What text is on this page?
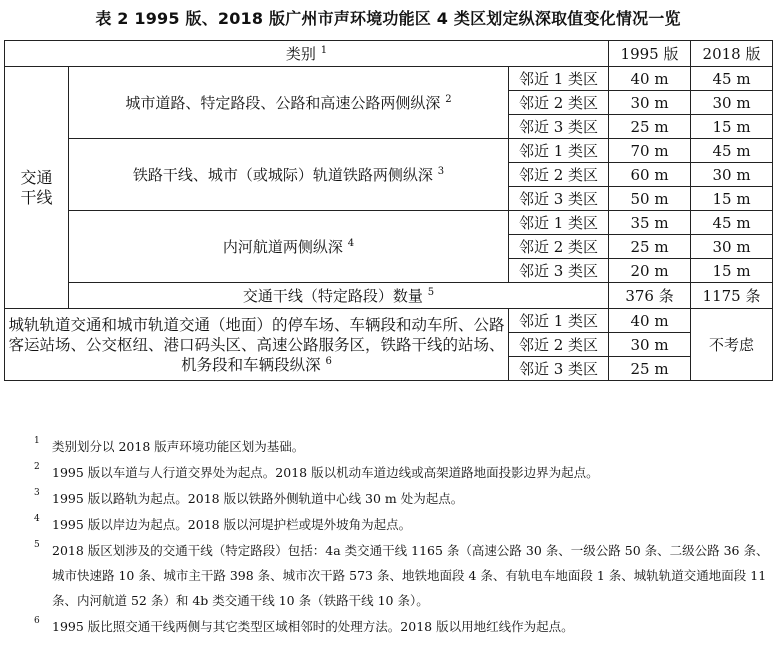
表 2 1995 版、2018 版广州市声环境功能区 4 类区划定纵深取值变化情况一览
类别 $^1$			1995 版	2018 版
交通
干线	城市道路、特定路段、公路和高速公路两侧纵深 $^2$	邻近 1 类区	40 m	45 m
		邻近 2 类区	30 m	30 m
		邻近 3 类区	25 m	15 m
	铁路干线、城市（或城际）轨道铁路两侧纵深 $^3$	邻近 1 类区	70 m	45 m
		邻近 2 类区	60 m	30 m
		邻近 3 类区	50 m	15 m
	内河航道两侧纵深 $^4$	邻近 1 类区	35 m	45 m
		邻近 2 类区	25 m	30 m
		邻近 3 类区	20 m	15 m
	交通干线（特定路段）数量 $^5$		376 条	1175 条
城轨轨道交通和城市轨道交通（地面）的停车场、车辆段和动车所、公路客运站场、公交枢纽、港口码头区、高速公路服务区，铁路干线的站场、机务段和车辆段纵深 $^6$		邻近 1 类区	40 m	不考虑
		邻近 2 类区	30 m	
		邻近 3 类区	25 m	
1 类别划分以 2018 版声环境功能区划为基础。
2 1995 版以车道与人行道交界处为起点。2018 版以机动车道边线或高架道路地面投影边界为起点。
3 1995 版以路轨为起点。2018 版以铁路外侧轨道中心线 30 m 处为起点。
4 1995 版以岸边为起点。2018 版以河堤护栏或堤外坡角为起点。
5 2018 版区划涉及的交通干线（特定路段）包括：4a 类交通干线 1165 条（高速公路 30 条、一级公路 50 条、二级公路 36 条、城市快速路 10 条、城市主干路 398 条、城市次干路 573 条、地铁地面段 4 条、有轨电车地面段 1 条、城轨轨道交通地面段 11 条、内河航道 52 条）和 4b 类交通干线 10 条（铁路干线 10 条）。
6 1995 版比照交通干线两侧与其它类型区域相邻时的处理方法。2018 版以用地红线作为起点。
